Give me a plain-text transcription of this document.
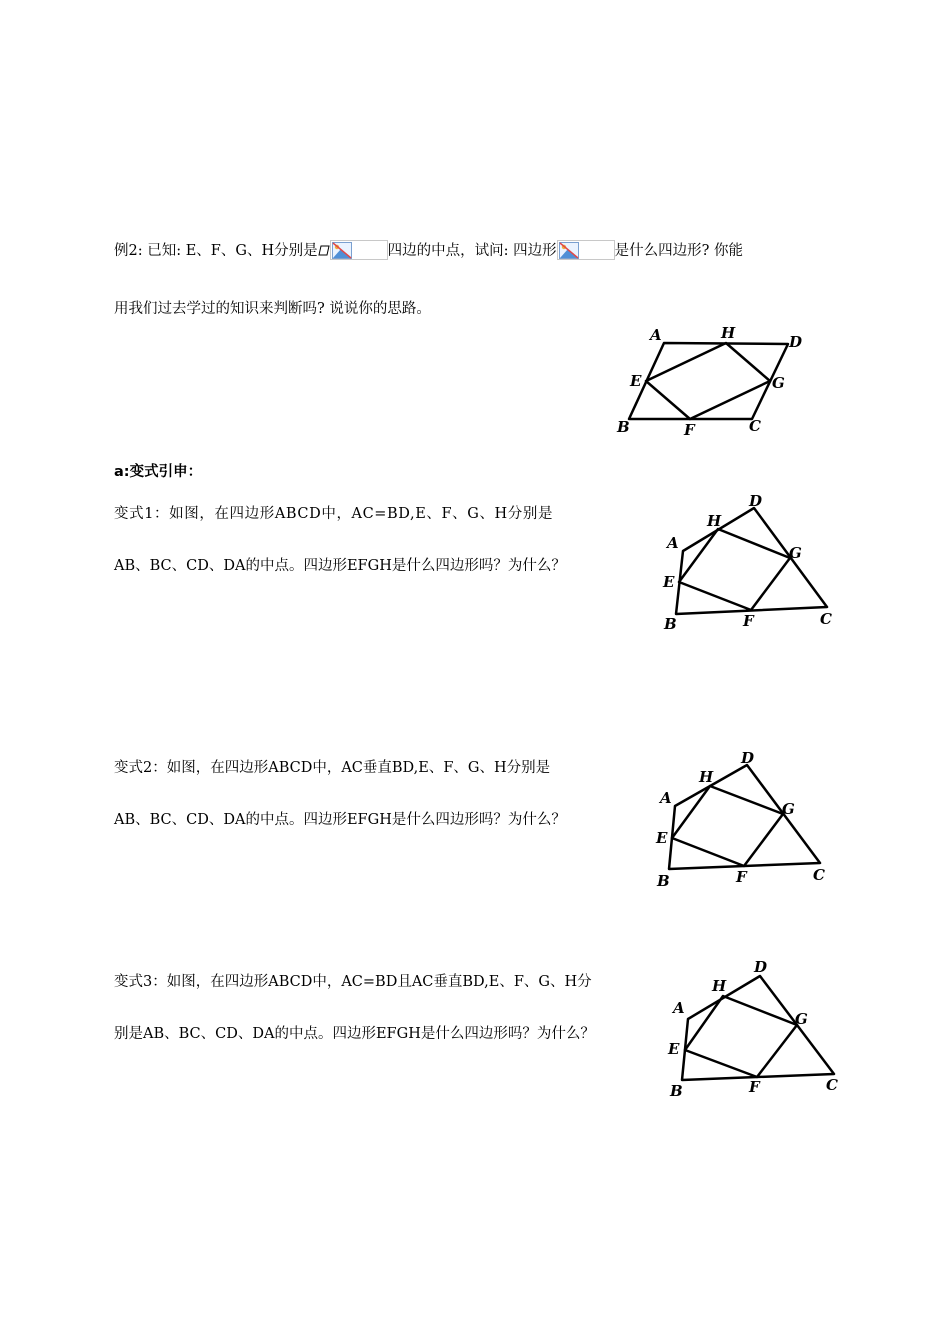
例2: 已知: E、F、G、H分别是	四边的中点，试问: 四边形	是什么四边形? 你能
用我们过去学过的知识来判断吗? 说说你的思路。
A	H	D
E	G
B	F	C
a:变式引申：
变式1：如图，在四边形ABCD中，AC=BD,E、F、G、H分别是
AB、BC、CD、DA的中点。四边形EFGH是什么四边形吗？为什么？
D
H
A
G
E
B	F	C
变式2：如图，在四边形ABCD中，AC垂直BD,E、F、G、H分别是
AB、BC、CD、DA的中点。四边形EFGH是什么四边形吗？为什么？
D
H
A
G
E
B	F	C
变式3：如图，在四边形ABCD中，AC=BD且AC垂直BD,E、F、G、H分
别是AB、BC、CD、DA的中点。四边形EFGH是什么四边形吗？为什么？
D
H
A
G
E
B	F	C
